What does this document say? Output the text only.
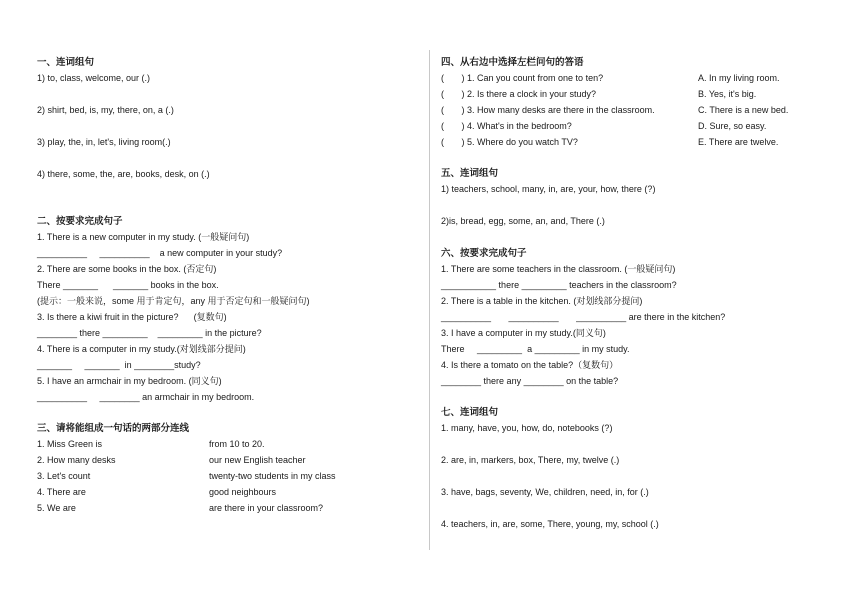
一、连词组句
1) to, class, welcome, our (.)
2) shirt, bed, is, my, there, on, a (.)
3) play, the, in, let's, living room(.)
4) there, some, the, are, books, desk, on (.)
二、按要求完成句子
1. There is a new computer in my study. (一般疑问句)
__________     __________    a new computer in your study?
2. There are some books in the box. (否定句)
There _______      _______ books in the box.
(提示：一般来说，some 用于肯定句，any 用于否定句和一般疑问句)
3. Is there a kiwi fruit in the picture?      (复数句)
________ there _________    _________ in the picture?
4. There is a computer in my study.(对划线部分提问)
_______     _______  in ________study?
5. I have an armchair in my bedroom. (同义句)
__________     ________ an armchair in my bedroom.
三、请将能组成一句话的两部分连线
1. Miss Green is
2. How many desks
3. Let's count
4. There are
5. We are
from 10 to 20.
our new English teacher
twenty-two students in my class
good neighbours
are there in your classroom?
四、从右边中选择左栏问句的答语
(       ) 1. Can you count from one to ten?
(       ) 2. Is there a clock in your study?
(       ) 3. How many desks are there in the classroom.
(       ) 4. What's in the bedroom?
(       ) 5. Where do you watch TV?
A. In my living room.
B. Yes, it's big.
C. There is a new bed.
D. Sure, so easy.
E. There are twelve.
五、连词组句
1) teachers, school, many, in, are, your, how, there (?)
2)is, bread, egg, some, an, and, There (.)
六、按要求完成句子
1. There are some teachers in the classroom. (一般疑问句)
___________ there _________ teachers in the classroom?
2. There is a table in the kitchen. (对划线部分提问)
__________       __________       __________ are there in the kitchen?
3. I have a computer in my study.(同义句)
There     _________  a _________ in my study.
4. Is there a tomato on the table?（复数句）
________ there any ________ on the table?
七、连词组句
1. many, have, you, how, do, notebooks (?)
2. are, in, markers, box, There, my, twelve (.)
3. have, bags, seventy, We, children, need, in, for (.)
4. teachers, in, are, some, There, young, my, school (.)
